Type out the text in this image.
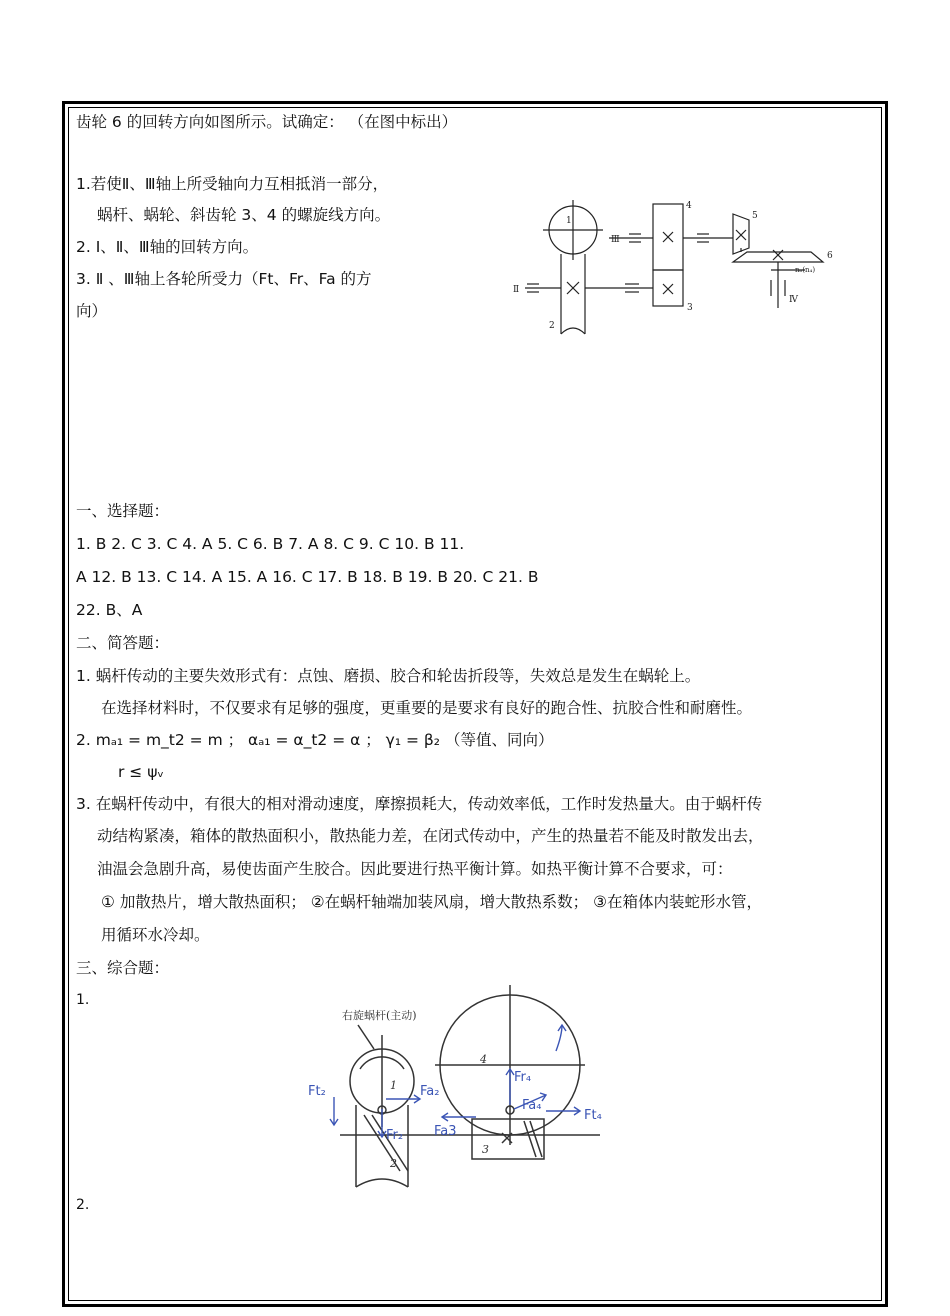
齿轮 6 的回转方向如图所示。试确定： （在图中标出）
1.若使Ⅱ、Ⅲ轴上所受轴向力互相抵消一部分，
蜗杆、蜗轮、斜齿轮 3、4 的螺旋线方向。
2. Ⅰ、Ⅱ、Ⅲ轴的回转方向。
3. Ⅱ 、Ⅲ轴上各轮所受力（Ft、Fr、Fa 的方
向）
1
2
3
4
5
6
Ⅱ
Ⅲ
Ⅳ
n₆(n₄)
一、选择题：
1. B 2. C 3. C 4. A 5. C 6. B 7. A 8. C 9. C 10. B 11.
A 12. B 13. C 14. A 15. A 16. C 17. B 18. B 19. B 20. C 21. B
22. B、A
二、简答题：
1. 蜗杆传动的主要失效形式有：点蚀、磨损、胶合和轮齿折段等，失效总是发生在蜗轮上。
在选择材料时，不仅要求有足够的强度，更重要的是要求有良好的跑合性、抗胶合性和耐磨性。
2. mₐ₁ = m_t2 = m ； αₐ₁ = α_t2 = α ； γ₁ = β₂ （等值、同向）
r ≤ ψᵥ
3. 在蜗杆传动中，有很大的相对滑动速度，摩擦损耗大，传动效率低，工作时发热量大。由于蜗杆传
动结构紧凑，箱体的散热面积小，散热能力差，在闭式传动中，产生的热量若不能及时散发出去，
油温会急剧升高，易使齿面产生胶合。因此要进行热平衡计算。如热平衡计算不合要求，可：
① 加散热片，增大散热面积； ②在蜗杆轴端加装风扇，增大散热系数； ③在箱体内装蛇形水管，
用循环水冷却。
三、综合题：
1.
2.
右旋蜗杆(主动)
1
2
3
4
Ft₂	Fa₂
Fr₂ Fa3
Fr₄
Fa₄
Ft₄
